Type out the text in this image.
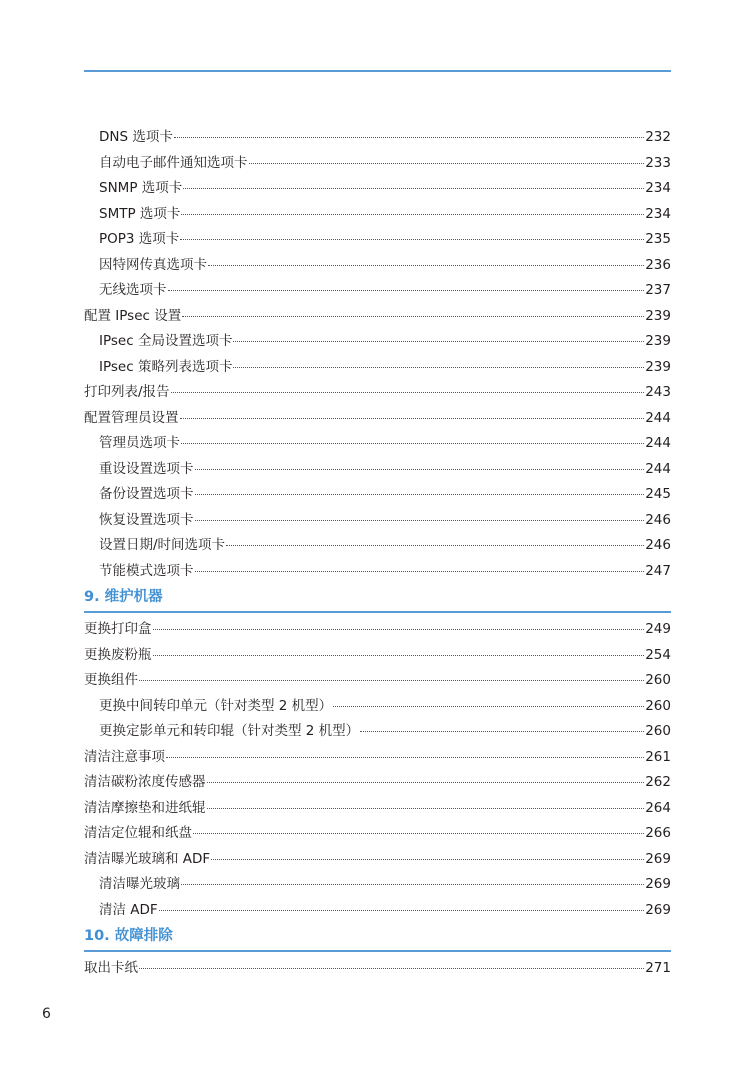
DNS 选项卡	232
自动电子邮件通知选项卡	233
SNMP 选项卡	234
SMTP 选项卡	234
POP3 选项卡	235
因特网传真选项卡	236
无线选项卡	237
配置 IPsec 设置	239
IPsec 全局设置选项卡	239
IPsec 策略列表选项卡	239
打印列表/报告	243
配置管理员设置	244
管理员选项卡	244
重设设置选项卡	244
备份设置选项卡	245
恢复设置选项卡	246
设置日期/时间选项卡	246
节能模式选项卡	247
9. 维护机器
更换打印盒	249
更换废粉瓶	254
更换组件	260
更换中间转印单元（针对类型 2 机型）	260
更换定影单元和转印辊（针对类型 2 机型）	260
清洁注意事项	261
清洁碳粉浓度传感器	262
清洁摩擦垫和进纸辊	264
清洁定位辊和纸盘	266
清洁曝光玻璃和 ADF	269
清洁曝光玻璃	269
清洁 ADF	269
10. 故障排除
取出卡纸	271
6
